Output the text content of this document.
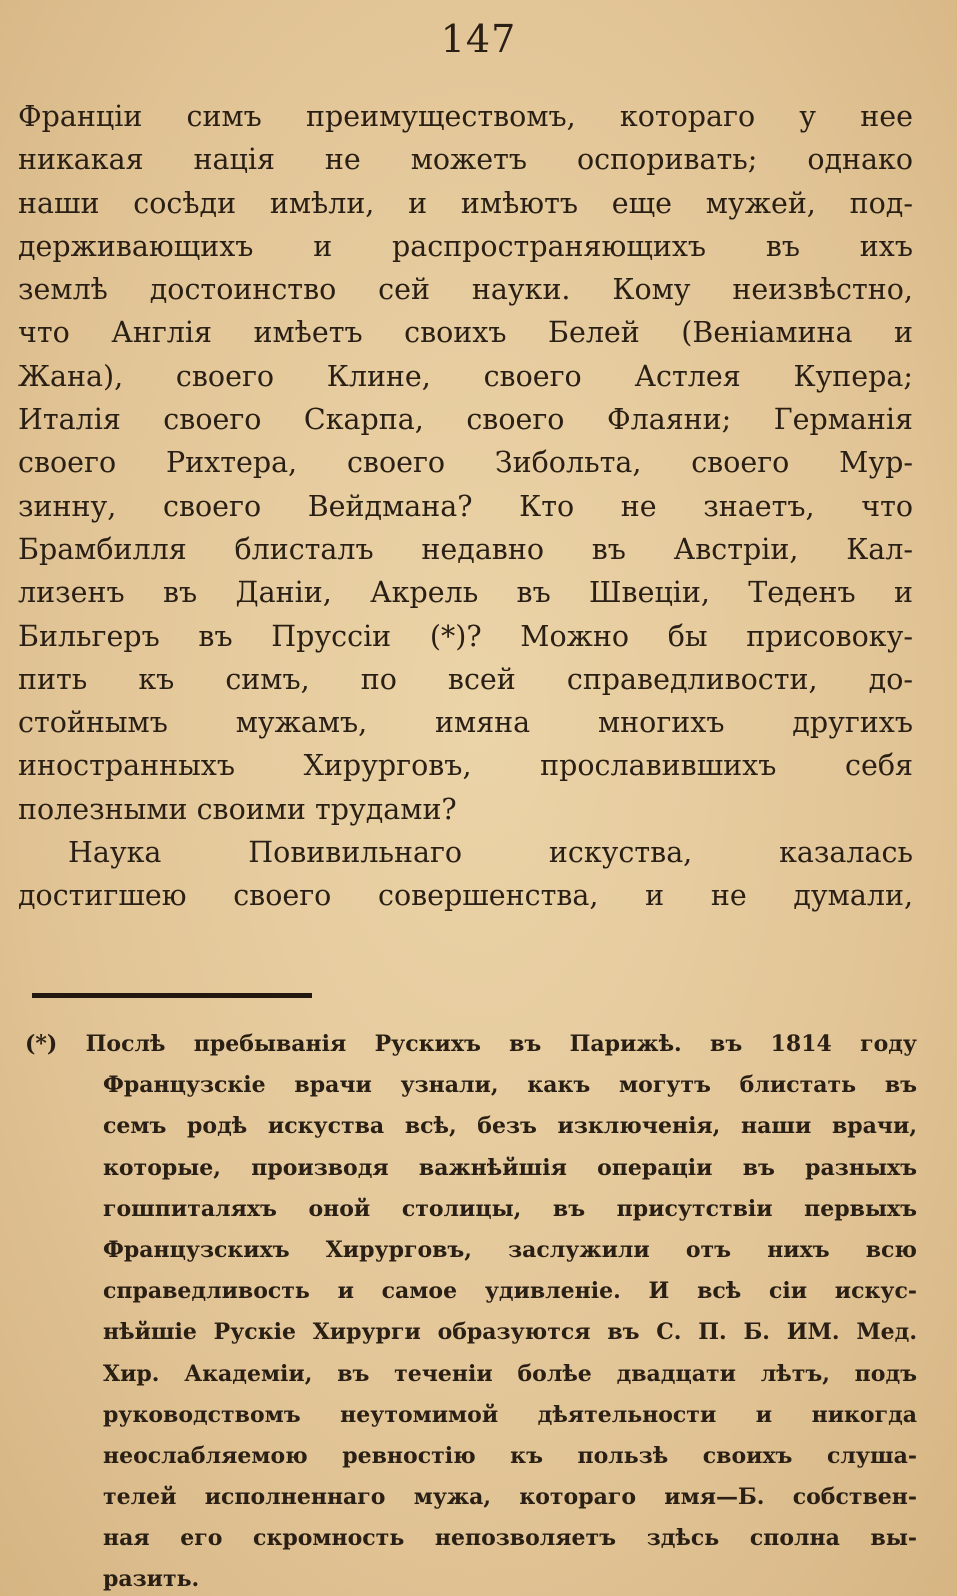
147
Франціи симъ преимуществомъ, котораго у нее
никакая нація не можетъ оспоривать; однако
наши сосѣди имѣли, и имѣютъ еще мужей, под-
держивающихъ и распространяющихъ въ ихъ
землѣ достоинство сей науки. Кому неизвѣстно,
что Англія имѣетъ своихъ Белей (Веніамина и
Жана), своего Клине, своего Астлея Купера;
Италія своего Скарпа, своего Флаяни; Германія
своего Рихтера, своего Зибольта, своего Мур-
зинну, своего Вейдмана? Кто не знаетъ, что
Брамбилля блисталъ недавно въ Австріи, Кал-
лизенъ въ Даніи, Акрель въ Швеціи, Теденъ и
Бильгеръ въ Пруссіи (*)? Можно бы присовоку-
пить къ симъ, по всей справедливости, до-
стойнымъ мужамъ, имяна многихъ другихъ
иностранныхъ Хирурговъ, прославившихъ себя
полезными своими трудами?
Наука Повивильнаго искуства, казалась
достигшею своего совершенства, и не думали,
(*) Послѣ пребыванія Рускихъ въ Парижѣ. въ 1814 году
Французскіе врачи узнали, какъ могутъ блистать въ
семъ родѣ искуства всѣ, безъ изключенія, наши врачи,
которые, производя важнѣйшія операціи въ разныхъ
гошпиталяхъ оной столицы, въ присутствіи первыхъ
Французскихъ Хирурговъ, заслужили отъ нихъ всю
справедливость и самое удивленіе. И всѣ сіи искус-
нѣйшіе Рускіе Хирурги образуются въ С. П. Б. ИМ. Мед.
Хир. Академіи, въ теченіи болѣе двадцати лѣтъ, подъ
руководствомъ неутомимой дѣятельности и никогда
неослабляемою ревностію къ пользѣ своихъ слуша-
телей исполненнаго мужа, котораго имя—Б. собствен-
ная его скромность непозволяетъ здѣсь сполна вы-
разить.
